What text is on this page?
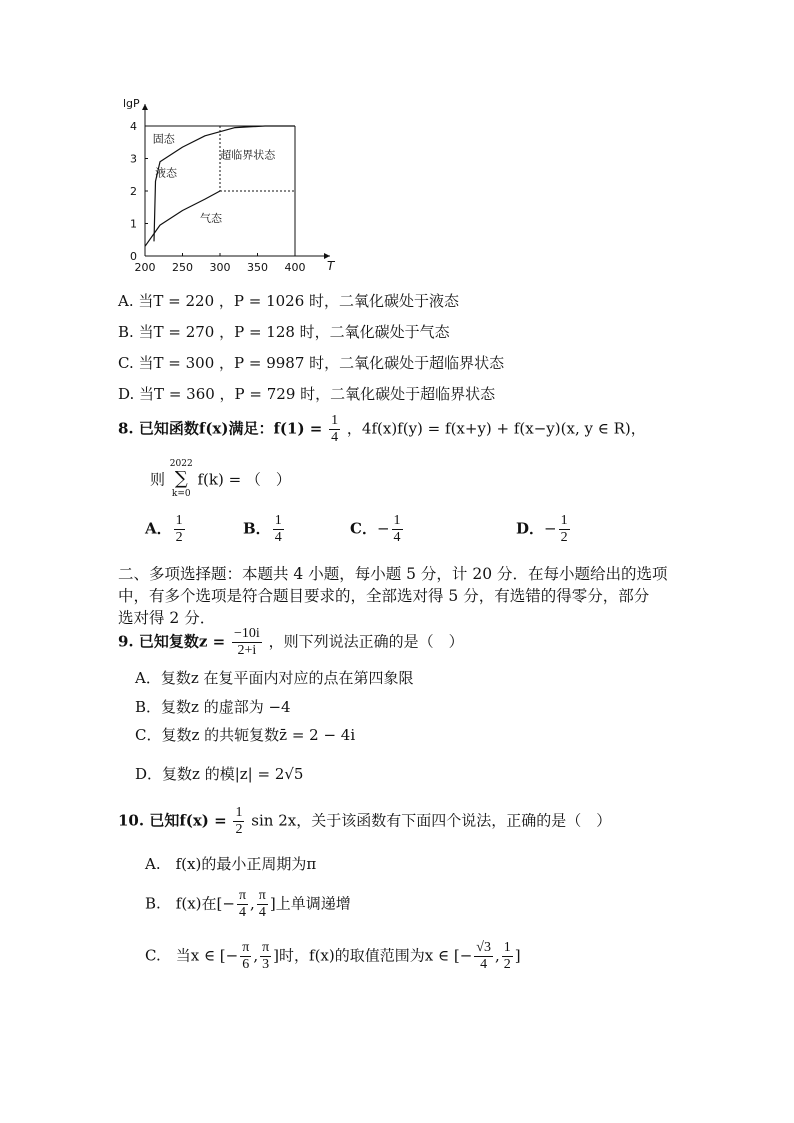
200 250 300 350 400
0
1
2
3
4
lgP
T
固态
液态
超临界状态
气态
A. 当T = 220 ，P = 1026 时，二氧化碳处于液态
B. 当T = 270 ，P = 128 时，二氧化碳处于气态
C. 当T = 300 ，P = 9987 时，二氧化碳处于超临界状态
D. 当T = 360 ，P = 729 时，二氧化碳处于超临界状态
8. 已知函数f(x)满足：$f(1) = \frac{1}{4}$ ，4f(x)f(y) = f(x+y) + f(x−y)(x, y ∈ R)，
则
2022
∑
k=0
f(k) = （　）
A． $\frac{1}{2}$	B． $\frac{1}{4}$	C．− $\frac{1}{4}$	D．− $\frac{1}{2}$
二、多项选择题：本题共 4 小题，每小题 5 分，计 20 分．在每小题给出的选项
中，有多个选项是符合题目要求的，全部选对得 5 分，有选错的得零分，部分
选对得 2 分．
9. 已知复数$z = \frac{-10i}{2+i}$ ，则下列说法正确的是（　）
A．复数z 在复平面内对应的点在第四象限
B．复数z 的虚部为 −4
C．复数z 的共轭复数z̄ = 2 − 4i
D．复数z 的模|z| = 2√5
10. 已知$f(x) = \frac{1}{2}$ sin 2x，关于该函数有下面四个说法，正确的是（　）
A.　f(x)的最小正周期为π
B.　f(x)在[− $\frac{\pi}{4}$ , $\frac{\pi}{4}$ ]上单调递增
C.　当x ∈ [− $\frac{\pi}{6}$ , $\frac{\pi}{3}$ ]时，f(x)的取值范围为x ∈ [− $\frac{√3}{4}$ , $\frac{1}{2}$ ]
